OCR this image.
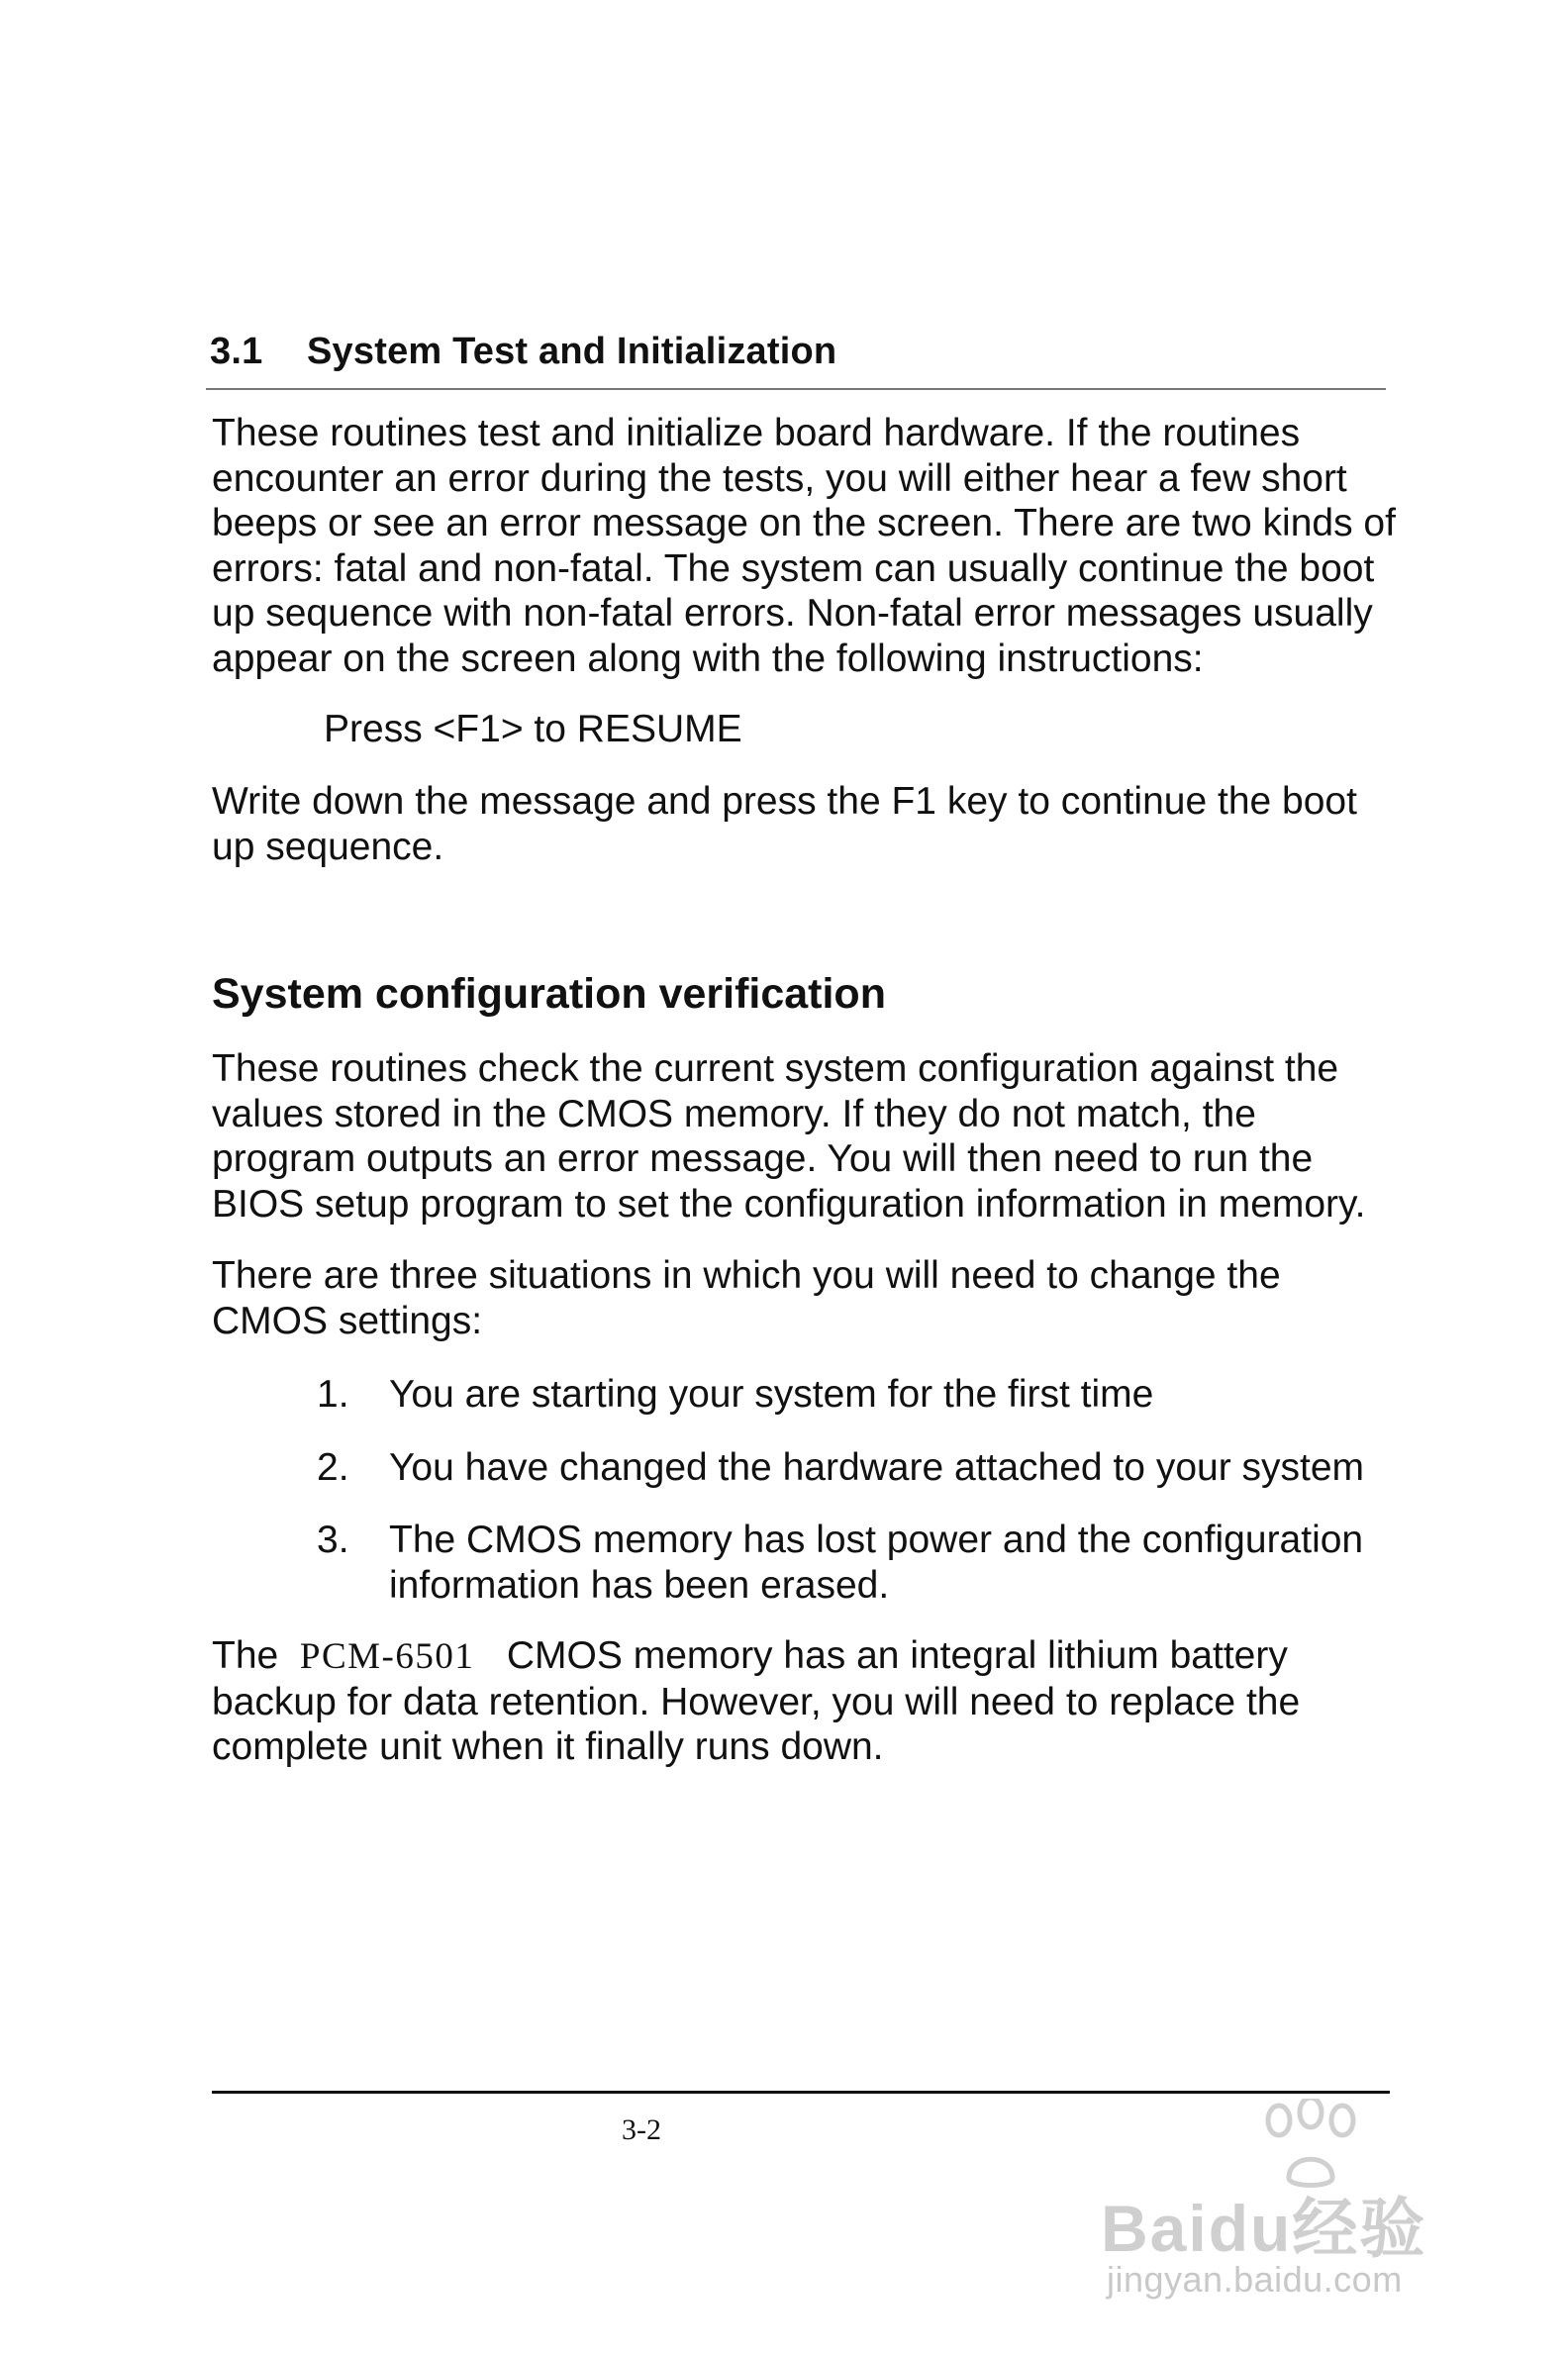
3.1 System Test and Initialization

These routines test and initialize board hardware. If the routines encounter an error during the tests, you will either hear a few short beeps or see an error message on the screen. There are two kinds of errors: fatal and non-fatal. The system can usually continue the boot up sequence with non-fatal errors. Non-fatal error messages usually appear on the screen along with the following instructions:

Press <F1> to RESUME

Write down the message and press the F1 key to continue the boot up sequence.

System configuration verification

These routines check the current system configuration against the values stored in the CMOS memory. If they do not match, the program outputs an error message. You will then need to run the BIOS setup program to set the configuration information in memory.

There are three situations in which you will need to change the CMOS settings:

1. You are starting your system for the first time
2. You have changed the hardware attached to your system
3. The CMOS memory has lost power and the configuration information has been erased.

The PCM-6501 CMOS memory has an integral lithium battery backup for data retention. However, you will need to replace the complete unit when it finally runs down.

3-2
Baidu经验
jingyan.baidu.com
